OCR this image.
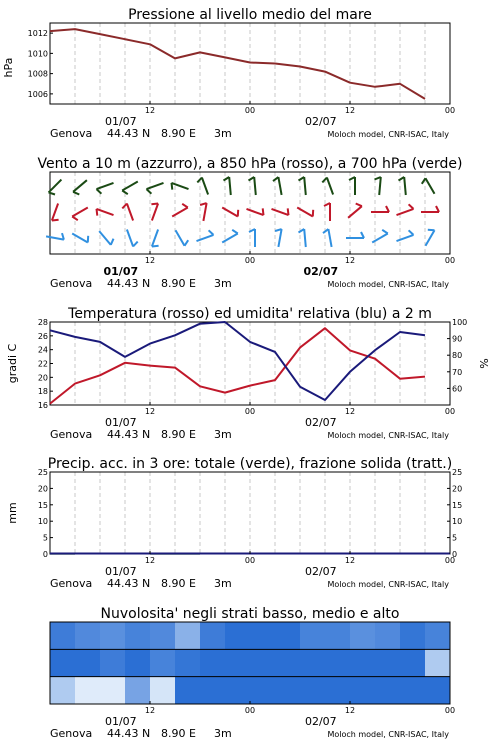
Pressione al livello medio del mare
1006
1008
1010
1012
hPa
12	00	12	00
01/07	02/07
Genova 44.43 N 8.90 E 3m	Moloch model, CNR-ISAC, Italy
Vento a 10 m (azzurro), a 850 hPa (rosso), a 700 hPa (verde)
12	00	12	00
01/07	02/07
Genova 44.43 N 8.90 E 3m	Moloch model, CNR-ISAC, Italy
Temperatura (rosso) ed umidita' relativa (blu) a 2 m
16
18
20
22
24
26
28
60
70
80
90
100
gradi C	%
12	00	12	00
01/07	02/07
Genova 44.43 N 8.90 E 3m	Moloch model, CNR-ISAC, Italy
Precip. acc. in 3 ore: totale (verde), frazione solida (tratt.)
0
5
10
15
20
25
0
5
10
15
20
25
mm
12	00	12	00
01/07	02/07
Genova 44.43 N 8.90 E 3m	Moloch model, CNR-ISAC, Italy
Nuvolosita' negli strati basso, medio e alto
12	00	12	00
01/07	02/07
Genova 44.43 N 8.90 E 3m	Moloch model, CNR-ISAC, Italy
